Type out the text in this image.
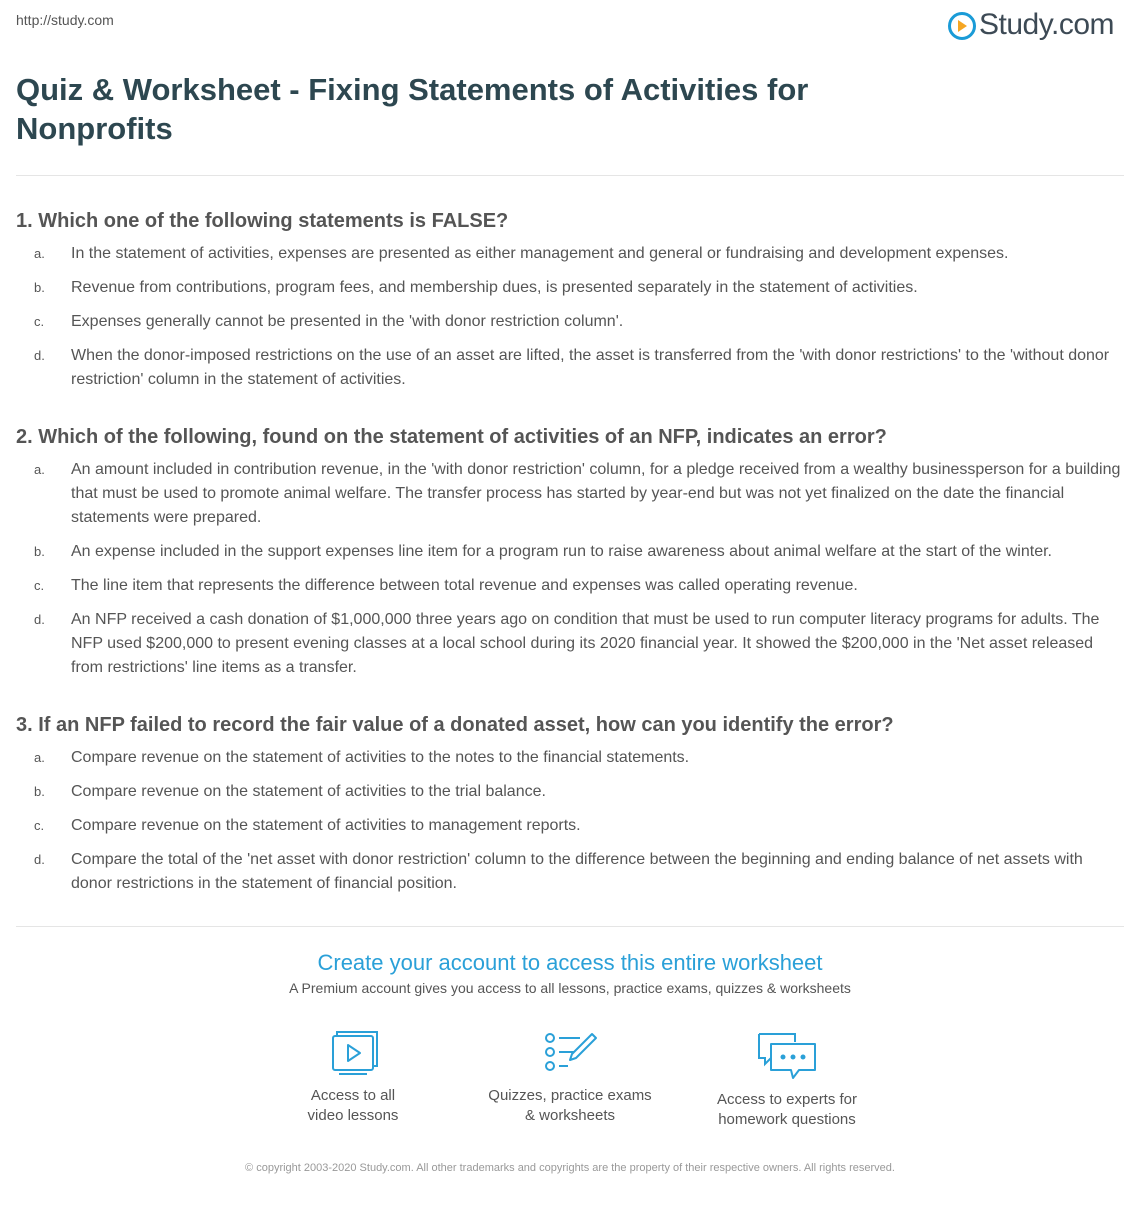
http://study.com	Study.com
Quiz & Worksheet - Fixing Statements of Activities for Nonprofits
1. Which one of the following statements is FALSE?
a.	In the statement of activities, expenses are presented as either management and general or fundraising and development expenses.
b.	Revenue from contributions, program fees, and membership dues, is presented separately in the statement of activities.
c.	Expenses generally cannot be presented in the 'with donor restriction column'.
d.	When the donor-imposed restrictions on the use of an asset are lifted, the asset is transferred from the 'with donor restrictions' to the 'without donor restriction' column in the statement of activities.
2. Which of the following, found on the statement of activities of an NFP, indicates an error?
a.	An amount included in contribution revenue, in the 'with donor restriction' column, for a pledge received from a wealthy businessperson for a building that must be used to promote animal welfare. The transfer process has started by year-end but was not yet finalized on the date the financial statements were prepared.
b.	An expense included in the support expenses line item for a program run to raise awareness about animal welfare at the start of the winter.
c.	The line item that represents the difference between total revenue and expenses was called operating revenue.
d.	An NFP received a cash donation of $1,000,000 three years ago on condition that must be used to run computer literacy programs for adults. The NFP used $200,000 to present evening classes at a local school during its 2020 financial year. It showed the $200,000 in the 'Net asset released from restrictions' line items as a transfer.
3. If an NFP failed to record the fair value of a donated asset, how can you identify the error?
a.	Compare revenue on the statement of activities to the notes to the financial statements.
b.	Compare revenue on the statement of activities to the trial balance.
c.	Compare revenue on the statement of activities to management reports.
d.	Compare the total of the 'net asset with donor restriction' column to the difference between the beginning and ending balance of net assets with donor restrictions in the statement of financial position.
Create your account to access this entire worksheet
A Premium account gives you access to all lessons, practice exams, quizzes & worksheets
Access to all
video lessons
Quizzes, practice exams
& worksheets
Access to experts for
homework questions
© copyright 2003-2020 Study.com. All other trademarks and copyrights are the property of their respective owners. All rights reserved.
